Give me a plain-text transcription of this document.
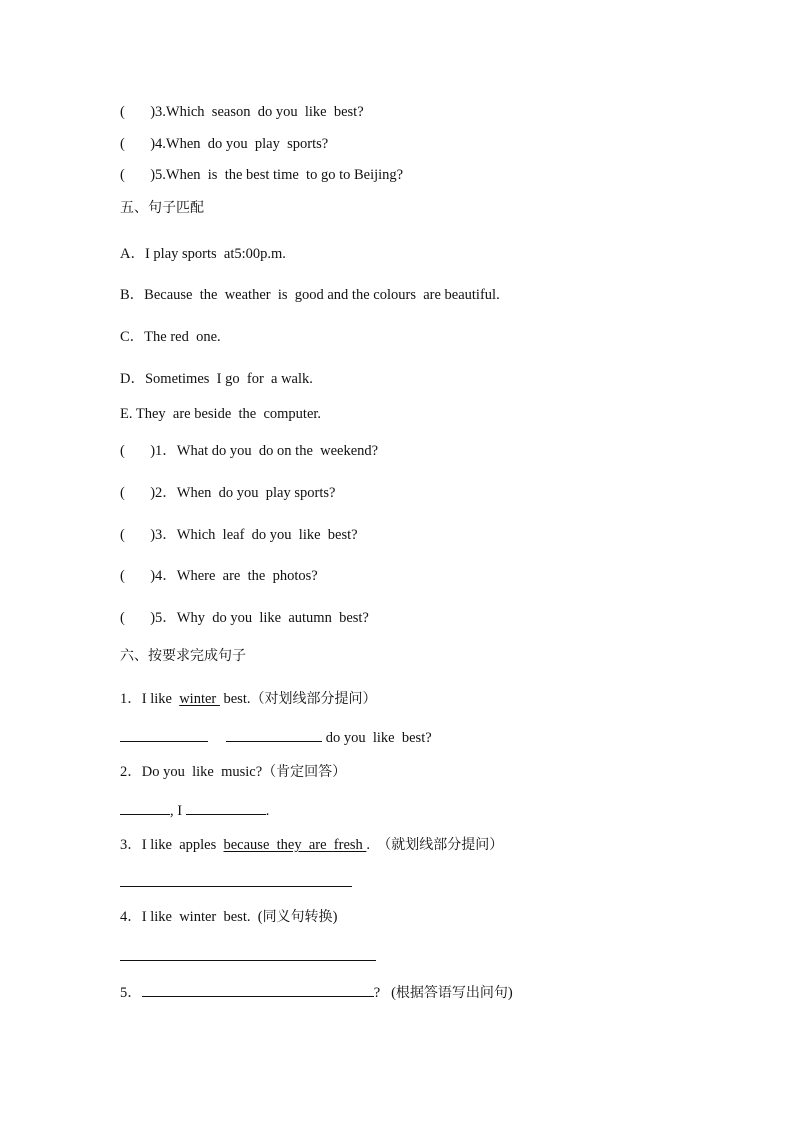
(       )3.Which  season  do you  like  best?
(       )4.When  do you  play  sports?
(       )5.When  is  the best time  to go to Beijing?
五、句子匹配
A．I play sports  at5:00p.m.
B．Because  the  weather  is  good and the colours  are beautiful.
C．The red  one.
D．Sometimes  I go  for  a walk.
E. They  are beside  the  computer.
(       )1．What do you  do on the  weekend?
(       )2．When  do you  play sports?
(       )3．Which  leaf  do you  like  best?
(       )4．Where  are  the  photos?
(       )5．Why  do you  like  autumn  best?
六、按要求完成句子
1．I like  winter  best.（对划线部分提问）
do you  like  best?
2．Do you  like  music?（肯定回答）
, I	.
3．I like  apples  because  they  are  fresh .  （就划线部分提问）
4．I like  winter  best.  (同义句转换)
5．	?   (根据答语写出问句)
